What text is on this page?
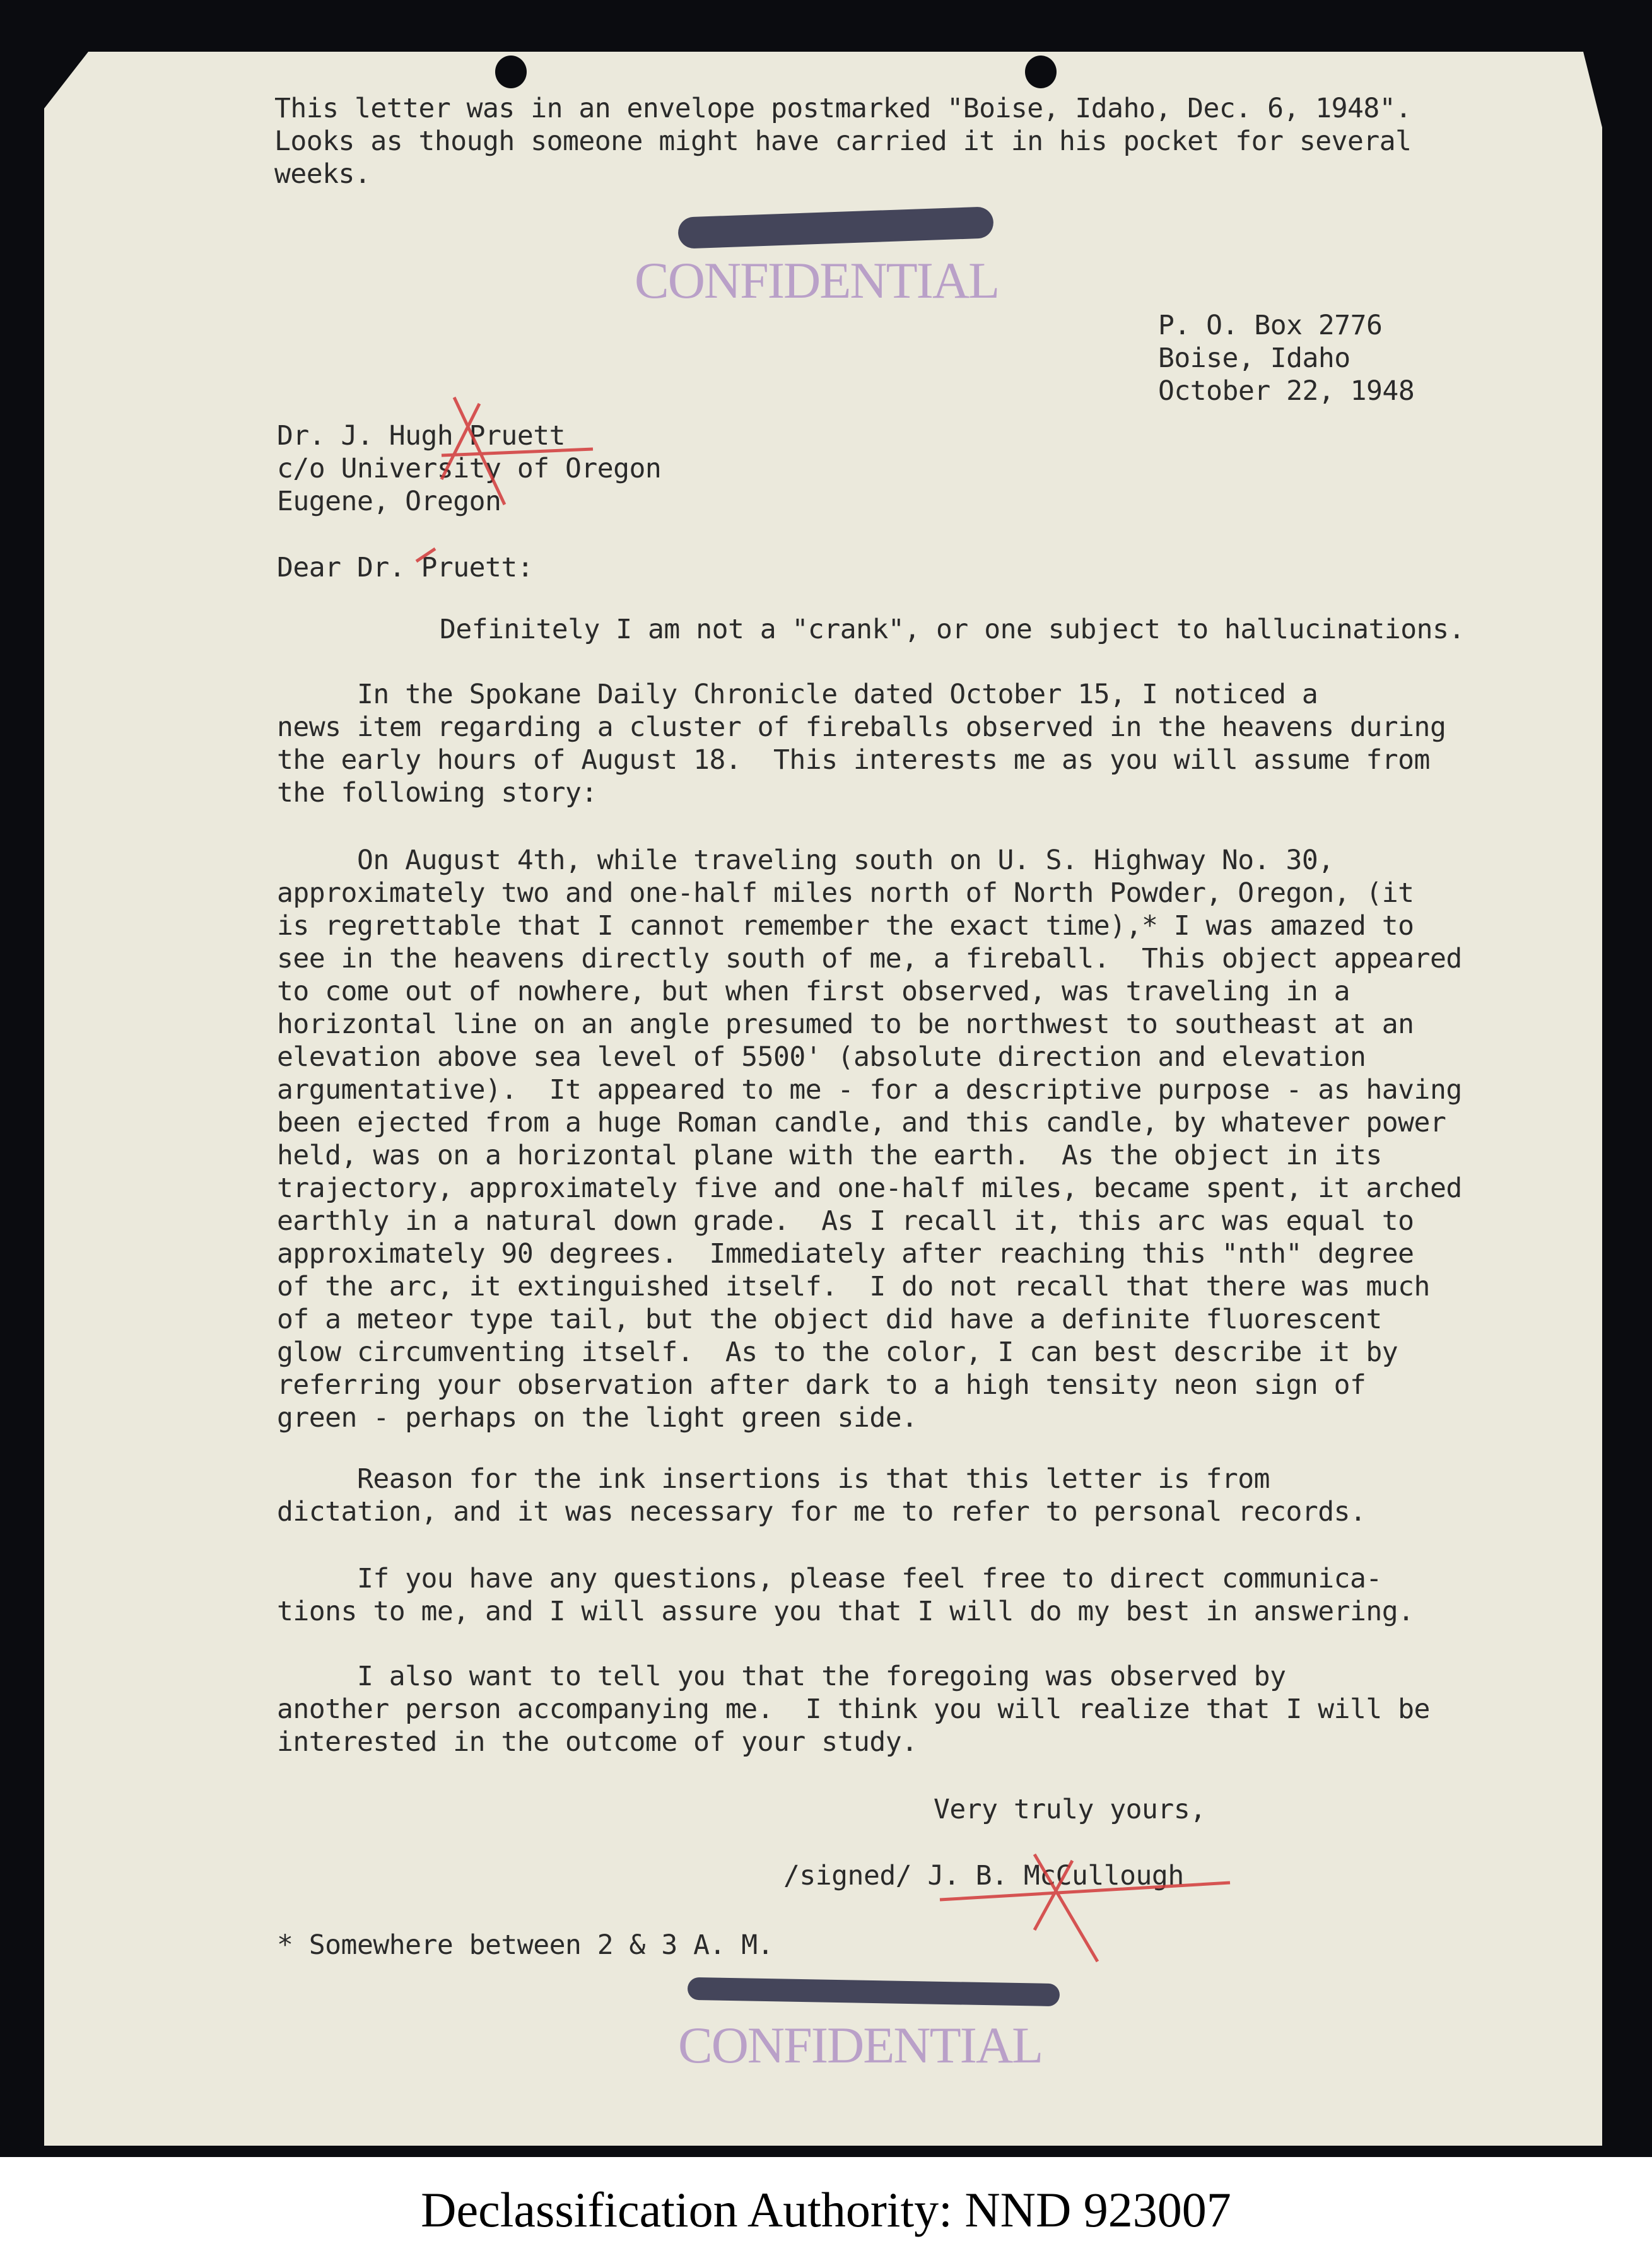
This letter was in an envelope postmarked "Boise, Idaho, Dec. 6, 1948".
Looks as though someone might have carried it in his pocket for several
weeks.
CONFIDENTIAL
P. O. Box 2776
Boise, Idaho
October 22, 1948
Dr. J. Hugh Pruett
c/o University of Oregon
Eugene, Oregon
Dear Dr. Pruett:
Definitely I am not a "crank", or one subject to hallucinations.
In the Spokane Daily Chronicle dated October 15, I noticed a
news item regarding a cluster of fireballs observed in the heavens during
the early hours of August 18.  This interests me as you will assume from
the following story:
On August 4th, while traveling south on U. S. Highway No. 30,
approximately two and one-half miles north of North Powder, Oregon, (it
is regrettable that I cannot remember the exact time),* I was amazed to
see in the heavens directly south of me, a fireball.  This object appeared
to come out of nowhere, but when first observed, was traveling in a
horizontal line on an angle presumed to be northwest to southeast at an
elevation above sea level of 5500' (absolute direction and elevation
argumentative).  It appeared to me - for a descriptive purpose - as having
been ejected from a huge Roman candle, and this candle, by whatever power
held, was on a horizontal plane with the earth.  As the object in its
trajectory, approximately five and one-half miles, became spent, it arched
earthly in a natural down grade.  As I recall it, this arc was equal to
approximately 90 degrees.  Immediately after reaching this "nth" degree
of the arc, it extinguished itself.  I do not recall that there was much
of a meteor type tail, but the object did have a definite fluorescent
glow circumventing itself.  As to the color, I can best describe it by
referring your observation after dark to a high tensity neon sign of
green - perhaps on the light green side.
Reason for the ink insertions is that this letter is from
dictation, and it was necessary for me to refer to personal records.
If you have any questions, please feel free to direct communica-
tions to me, and I will assure you that I will do my best in answering.
I also want to tell you that the foregoing was observed by
another person accompanying me.  I think you will realize that I will be
interested in the outcome of your study.
Very truly yours,
/signed/ J. B. McCullough
* Somewhere between 2 & 3 A. M.
CONFIDENTIAL
Declassification Authority: NND 923007
